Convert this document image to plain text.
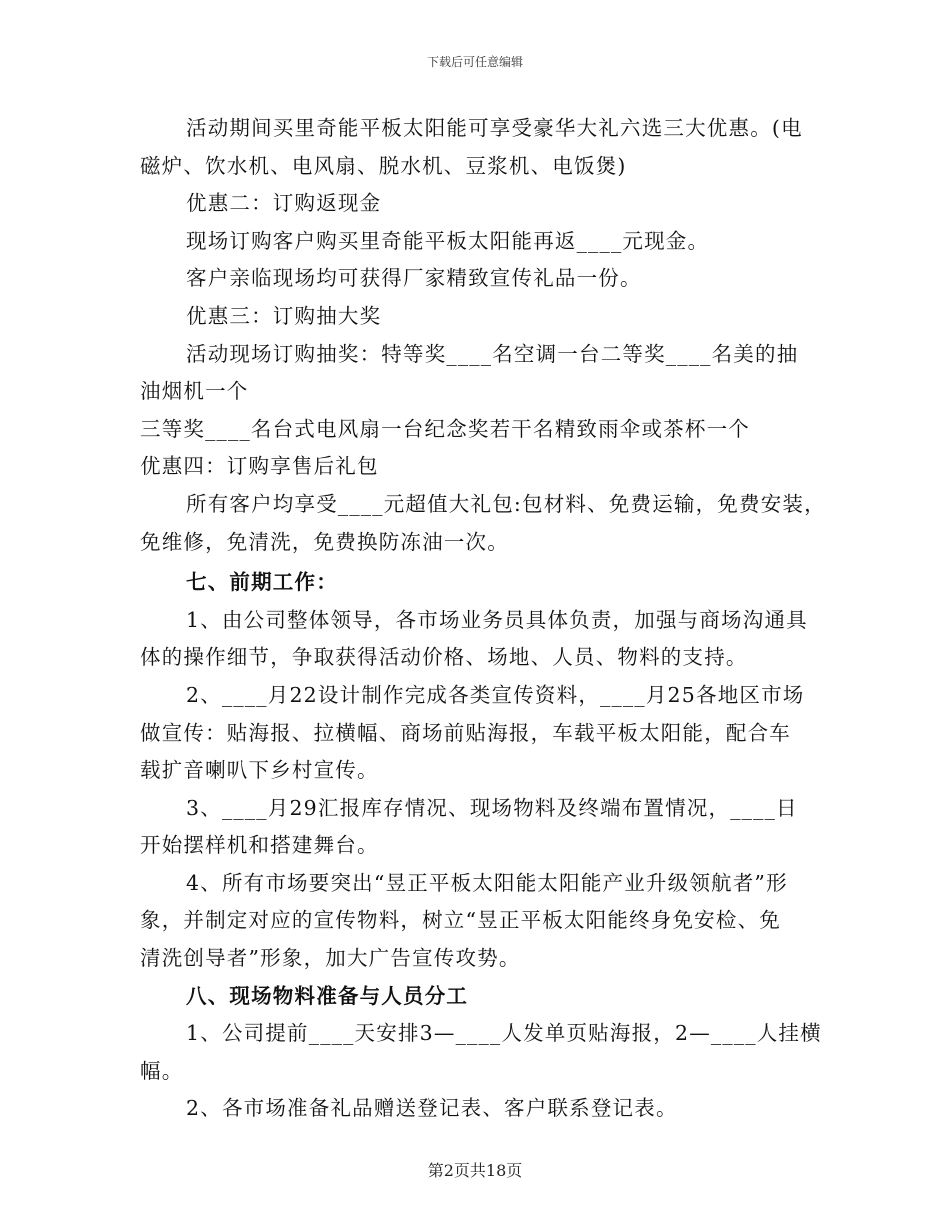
下载后可任意编辑

活动期间买里奇能平板太阳能可享受豪华大礼六选三大优惠。(电

磁炉、饮水机、电风扇、脱水机、豆浆机、电饭煲)

优惠二：订购返现金

现场订购客户购买里奇能平板太阳能再返____元现金。

客户亲临现场均可获得厂家精致宣传礼品一份。

优惠三：订购抽大奖

活动现场订购抽奖：特等奖____名空调一台二等奖____名美的抽

油烟机一个

三等奖____名台式电风扇一台纪念奖若干名精致雨伞或茶杯一个

优惠四：订购享售后礼包

所有客户均享受____元超值大礼包:包材料、免费运输，免费安装，

免维修，免清洗，免费换防冻油一次。

七、前期工作：

1、由公司整体领导，各市场业务员具体负责，加强与商场沟通具

体的操作细节，争取获得活动价格、场地、人员、物料的支持。

2、____月22设计制作完成各类宣传资料，____月25各地区市场

做宣传：贴海报、拉横幅、商场前贴海报，车载平板太阳能，配合车

载扩音喇叭下乡村宣传。

3、____月29汇报库存情况、现场物料及终端布置情况，____日

开始摆样机和搭建舞台。

4、所有市场要突出“昱正平板太阳能太阳能产业升级领航者”形

象，并制定对应的宣传物料，树立“昱正平板太阳能终身免安检、免

清洗创导者”形象，加大广告宣传攻势。

八、现场物料准备与人员分工

1、公司提前____天安排3—____人发单页贴海报，2—____人挂横

幅。

2、各市场准备礼品赠送登记表、客户联系登记表。

第2页共18页
